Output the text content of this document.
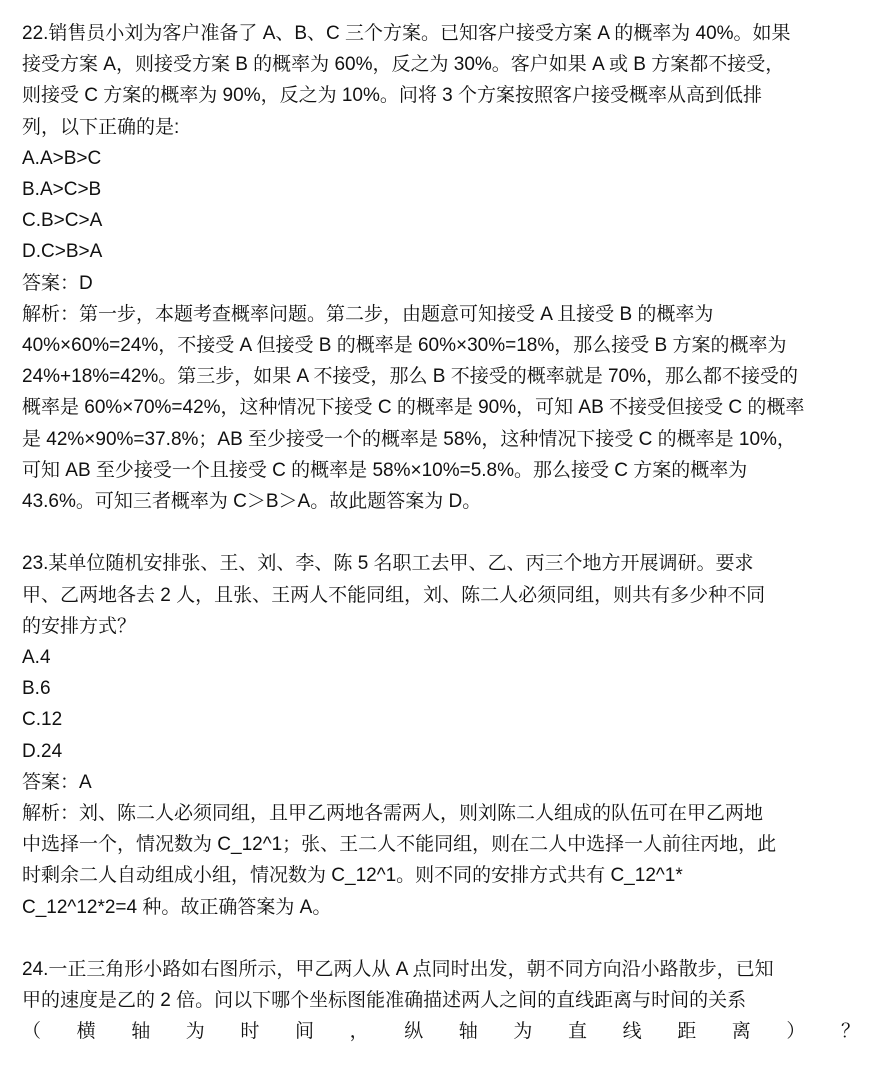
22.销售员小刘为客户准备了 A、B、C 三个方案。已知客户接受方案 A 的概率为 40%。如果
接受方案 A，则接受方案 B 的概率为 60%，反之为 30%。客户如果 A 或 B 方案都不接受，
则接受 C 方案的概率为 90%，反之为 10%。问将 3 个方案按照客户接受概率从高到低排
列，以下正确的是:
A.A>B>C
B.A>C>B
C.B>C>A
D.C>B>A
答案：D
解析：第一步，本题考查概率问题。第二步，由题意可知接受 A 且接受 B 的概率为
40%×60%=24%，不接受 A 但接受 B 的概率是 60%×30%=18%，那么接受 B 方案的概率为
24%+18%=42%。第三步，如果 A 不接受，那么 B 不接受的概率就是 70%，那么都不接受的
概率是 60%×70%=42%，这种情况下接受 C 的概率是 90%，可知 AB 不接受但接受 C 的概率
是 42%×90%=37.8%；AB 至少接受一个的概率是 58%，这种情况下接受 C 的概率是 10%，
可知 AB 至少接受一个且接受 C 的概率是 58%×10%=5.8%。那么接受 C 方案的概率为
43.6%。可知三者概率为 C＞B＞A。故此题答案为 D。
23.某单位随机安排张、王、刘、李、陈 5 名职工去甲、乙、丙三个地方开展调研。要求
甲、乙两地各去 2 人，且张、王两人不能同组，刘、陈二人必须同组，则共有多少种不同
的安排方式？
A.4
B.6
C.12
D.24
答案：A
解析：刘、陈二人必须同组，且甲乙两地各需两人，则刘陈二人组成的队伍可在甲乙两地
中选择一个，情况数为 C_12^1；张、王二人不能同组，则在二人中选择一人前往丙地，此
时剩余二人自动组成小组，情况数为 C_12^1。则不同的安排方式共有 C_12^1*
C_12^12*2=4 种。故正确答案为 A。
24.一正三角形小路如右图所示，甲乙两人从 A 点同时出发，朝不同方向沿小路散步，已知
甲的速度是乙的 2 倍。问以下哪个坐标图能准确描述两人之间的直线距离与时间的关系
（ 横 轴 为 时 间 ， 纵 轴 为 直 线 距 离 ） ？
